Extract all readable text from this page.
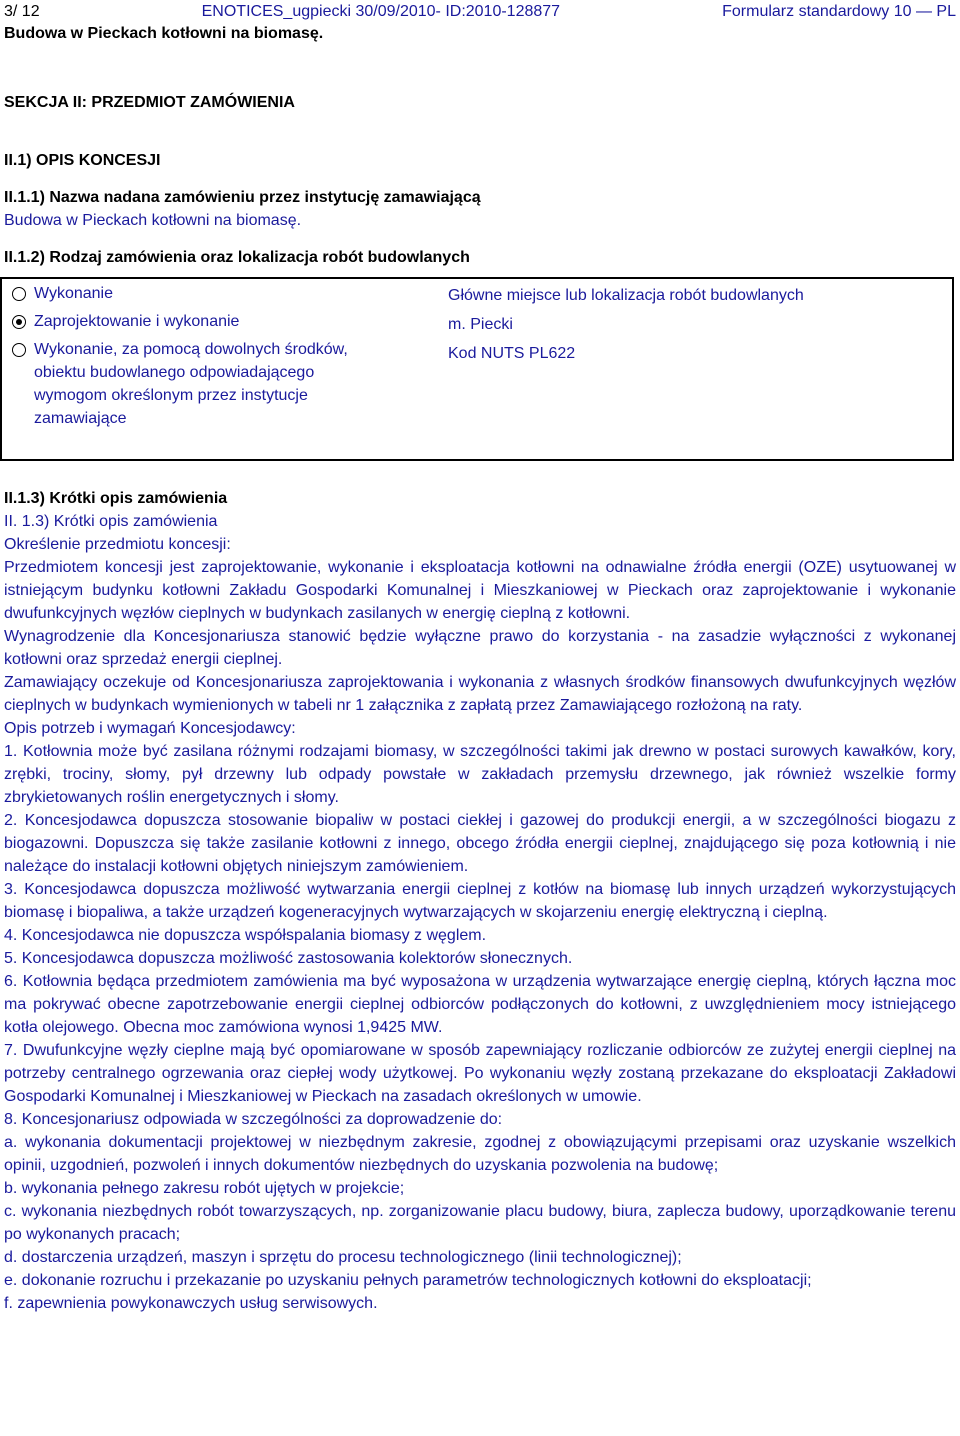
3/ 12	ENOTICES_ugpiecki 30/09/2010- ID:2010-128877	Formularz standardowy 10 — PL
Budowa w Pieckach kotłowni na biomasę.
SEKCJA II: PRZEDMIOT ZAMÓWIENIA
II.1) OPIS KONCESJI
II.1.1) Nazwa nadana zamówieniu przez instytucję zamawiającą
Budowa w Pieckach kotłowni na biomasę.
II.1.2) Rodzaj zamówienia oraz lokalizacja robót budowlanych
Wykonanie
Zaprojektowanie i wykonanie
Wykonanie, za pomocą dowolnych środków,
obiektu budowlanego odpowiadającego
wymogom określonym przez instytucje
zamawiające
Główne miejsce lub lokalizacja robót budowlanych
m. Piecki
Kod NUTS PL622
II.1.3) Krótki opis zamówienia

II. 1.3) Krótki opis zamówienia

Określenie przedmiotu koncesji:

Przedmiotem koncesji jest zaprojektowanie, wykonanie i eksploatacja kotłowni na odnawialne źródła energii (OZE) usytuowanej w istniejącym budynku kotłowni Zakładu Gospodarki Komunalnej i Mieszkaniowej w Pieckach oraz zaprojektowanie i wykonanie dwufunkcyjnych węzłów cieplnych w budynkach zasilanych w energię cieplną z kotłowni.

Wynagrodzenie dla Koncesjonariusza stanowić będzie wyłączne prawo do korzystania - na zasadzie wyłączności z wykonanej kotłowni oraz sprzedaż energii cieplnej.

Zamawiający oczekuje od Koncesjonariusza zaprojektowania i wykonania z własnych środków finansowych dwufunkcyjnych węzłów cieplnych w budynkach wymienionych w tabeli nr 1 załącznika z zapłatą przez Zamawiającego rozłożoną na raty.

Opis potrzeb i wymagań Koncesjodawcy:

1. Kotłownia może być zasilana różnymi rodzajami biomasy, w szczególności takimi jak drewno w postaci surowych kawałków, kory, zrębki, trociny, słomy, pył drzewny lub odpady powstałe w zakładach przemysłu drzewnego, jak również wszelkie formy zbrykietowanych roślin energetycznych i słomy.

2. Koncesjodawca dopuszcza stosowanie biopaliw w postaci ciekłej i gazowej do produkcji energii, a w szczególności biogazu z biogazowni. Dopuszcza się także zasilanie kotłowni z innego, obcego źródła energii cieplnej, znajdującego się poza kotłownią i nie należące do instalacji kotłowni objętych niniejszym zamówieniem.

3. Koncesjodawca dopuszcza możliwość wytwarzania energii cieplnej z kotłów na biomasę lub innych urządzeń wykorzystujących biomasę i biopaliwa, a także urządzeń kogeneracyjnych wytwarzających w skojarzeniu energię elektryczną i cieplną.

4. Koncesjodawca nie dopuszcza współspalania biomasy z węglem.

5. Koncesjodawca dopuszcza możliwość zastosowania kolektorów słonecznych.

6. Kotłownia będąca przedmiotem zamówienia ma być wyposażona w urządzenia wytwarzające energię cieplną, których łączna moc ma pokrywać obecne zapotrzebowanie energii cieplnej odbiorców podłączonych do kotłowni, z uwzględnieniem mocy istniejącego kotła olejowego. Obecna moc zamówiona wynosi 1,9425 MW.

7. Dwufunkcyjne węzły cieplne mają być opomiarowane w sposób zapewniający rozliczanie odbiorców ze zużytej energii cieplnej na potrzeby centralnego ogrzewania oraz ciepłej wody użytkowej. Po wykonaniu węzły zostaną przekazane do eksploatacji Zakładowi Gospodarki Komunalnej i Mieszkaniowej w Pieckach na zasadach określonych w umowie.

8. Koncesjonariusz odpowiada w szczególności za doprowadzenie do:

a. wykonania dokumentacji projektowej w niezbędnym zakresie, zgodnej z obowiązującymi przepisami oraz uzyskanie wszelkich opinii, uzgodnień, pozwoleń i innych dokumentów niezbędnych do uzyskania pozwolenia na budowę;

b. wykonania pełnego zakresu robót ujętych w projekcie;

c. wykonania niezbędnych robót towarzyszących, np. zorganizowanie placu budowy, biura, zaplecza budowy, uporządkowanie terenu po wykonanych pracach;

d. dostarczenia urządzeń, maszyn i sprzętu do procesu technologicznego (linii technologicznej);

e. dokonanie rozruchu i przekazanie po uzyskaniu pełnych parametrów technologicznych kotłowni do eksploatacji;

f. zapewnienia powykonawczych usług serwisowych.
